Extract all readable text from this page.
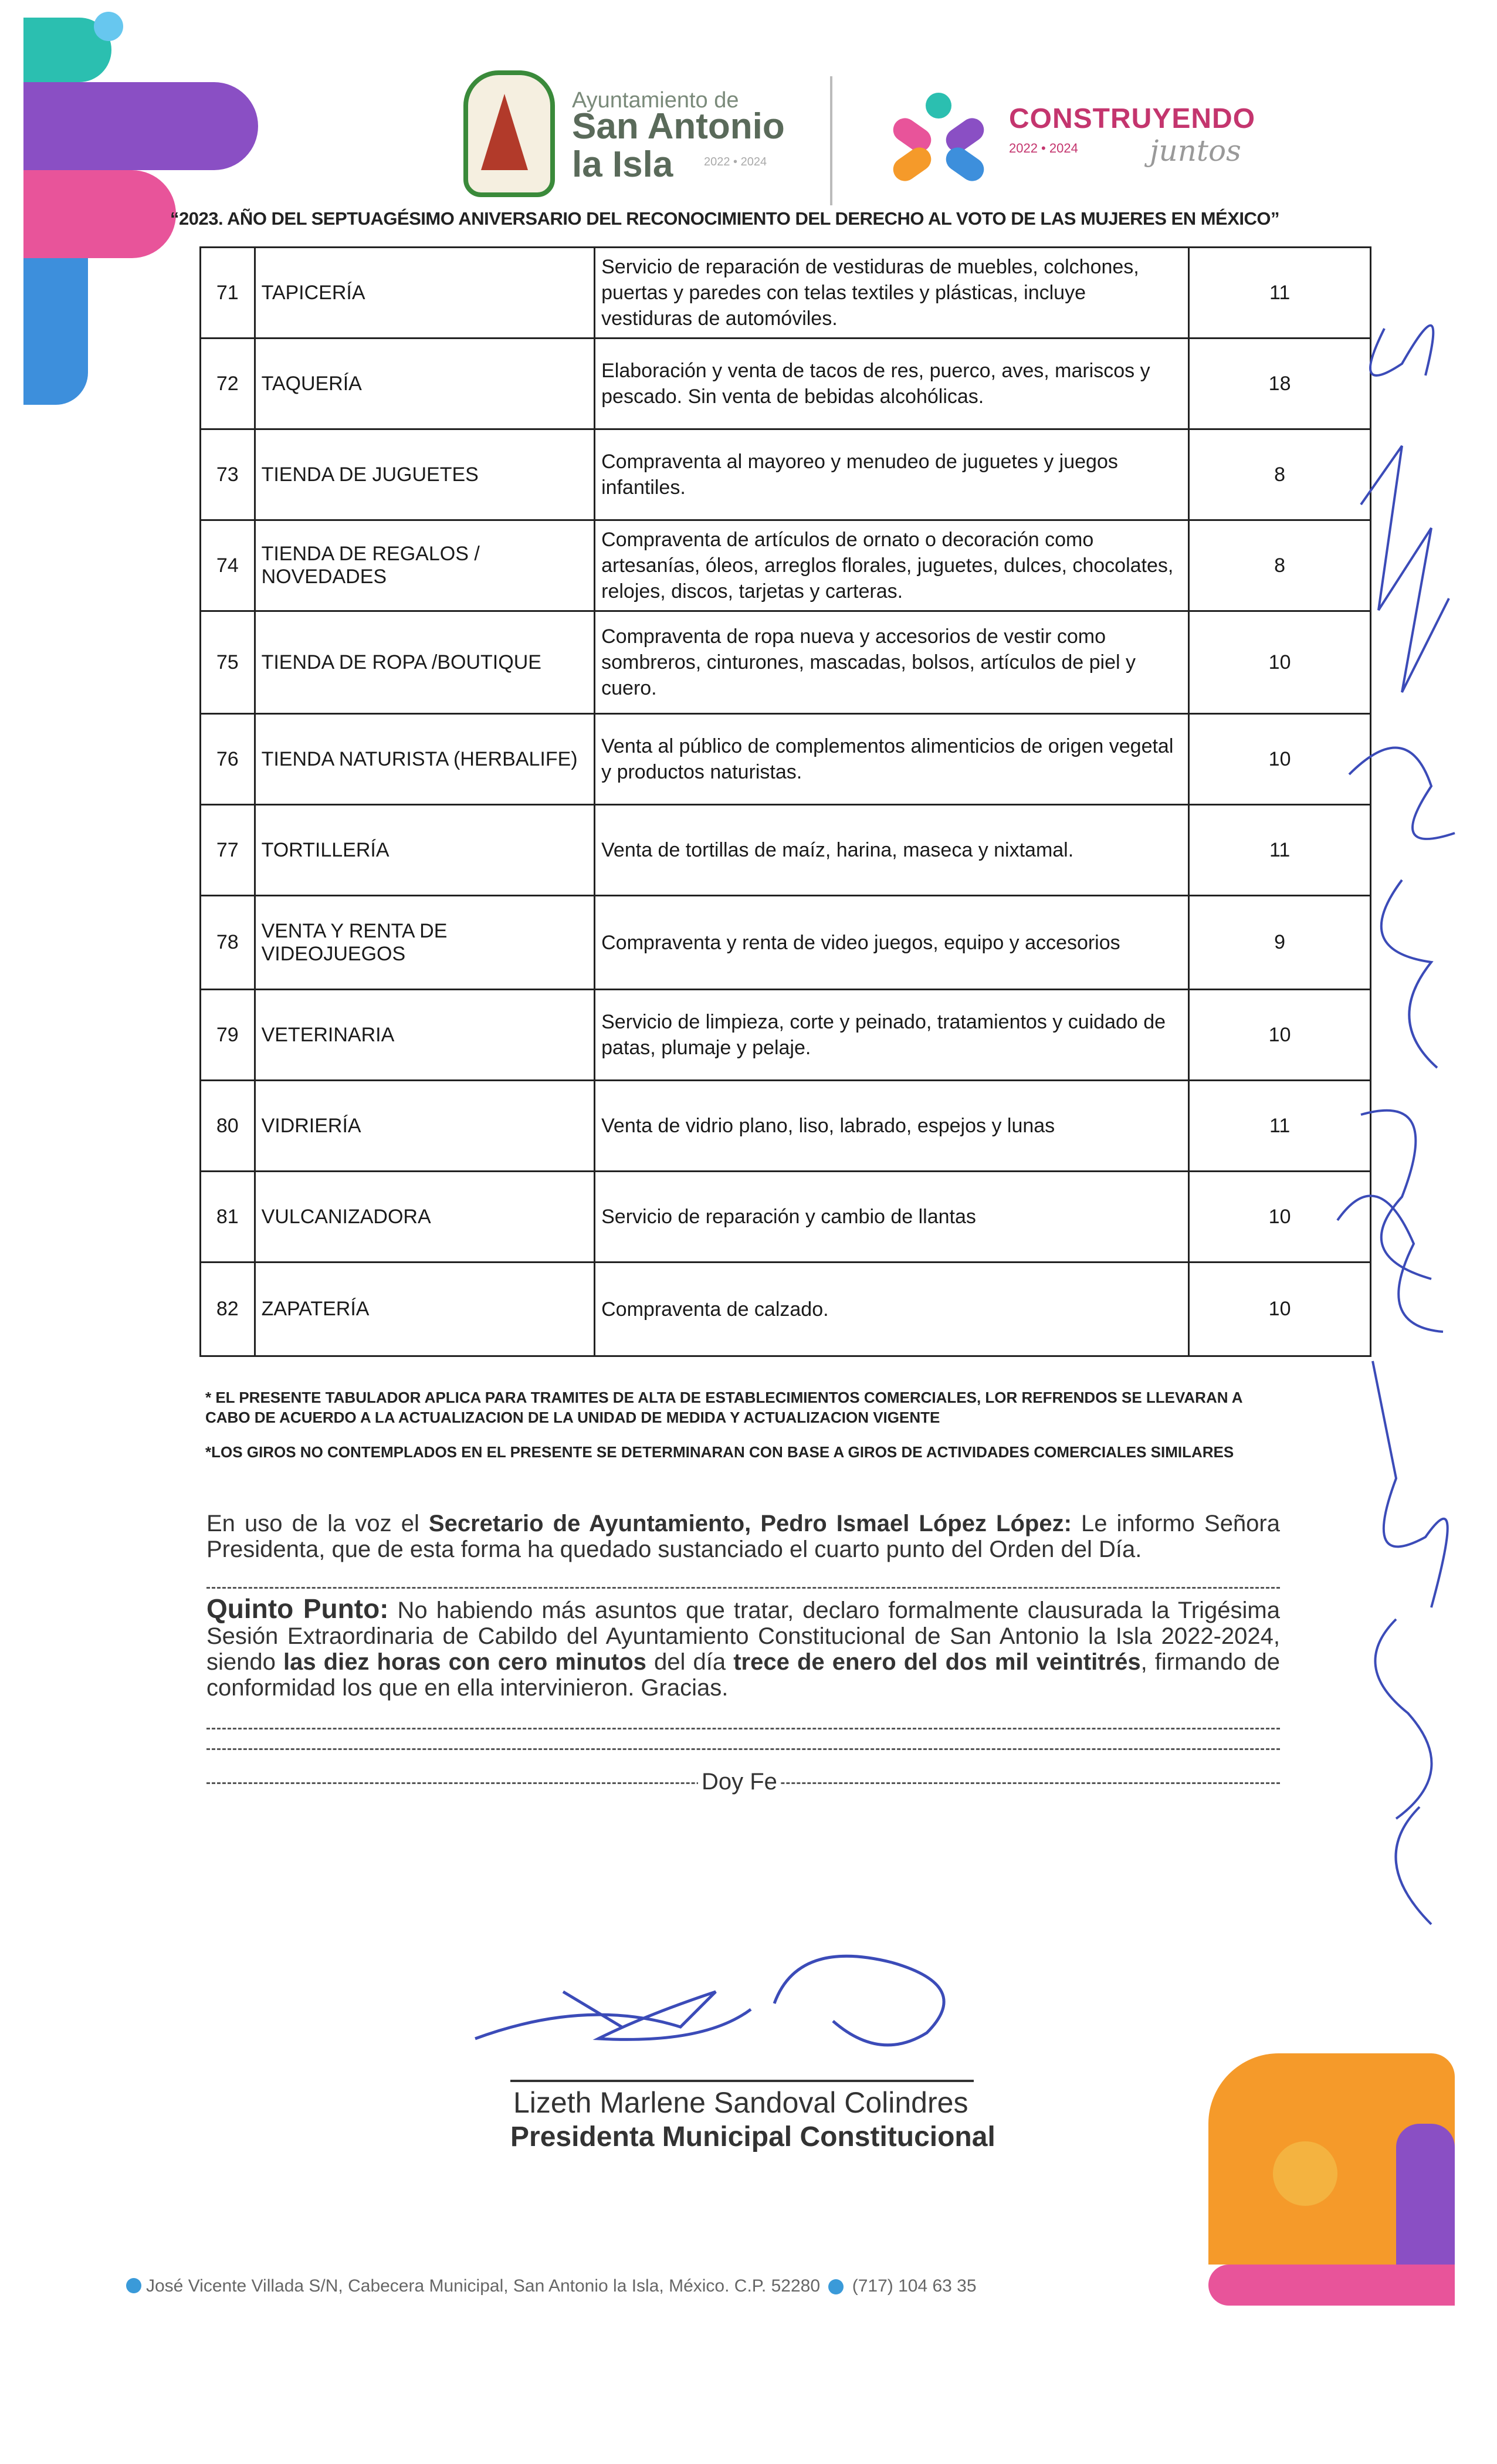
Ayuntamiento de
San Antonio
la Isla	2022 • 2024
CONSTRUYENDO
2022 • 2024 juntos
“2023. AÑO DEL SEPTUAGÉSIMO ANIVERSARIO DEL RECONOCIMIENTO DEL DERECHO AL VOTO DE LAS MUJERES EN MÉXICO”
71	TAPICERÍA	Servicio de reparación de vestiduras de muebles, colchones, puertas y paredes con telas textiles y plásticas, incluye vestiduras de automóviles.	11
72	TAQUERÍA	Elaboración y venta de tacos de res, puerco, aves, mariscos y pescado. Sin venta de bebidas alcohólicas.	18
73	TIENDA DE JUGUETES	Compraventa al mayoreo y menudeo de juguetes y juegos infantiles.	8
74	TIENDA DE REGALOS / NOVEDADES	Compraventa de artículos de ornato o decoración como artesanías, óleos, arreglos florales, juguetes, dulces, chocolates, relojes, discos, tarjetas y carteras.	8
75	TIENDA DE ROPA /BOUTIQUE	Compraventa de ropa nueva y accesorios de vestir como sombreros, cinturones, mascadas, bolsos, artículos de piel y cuero.	10
76	TIENDA NATURISTA (HERBALIFE)	Venta al público de complementos alimenticios de origen vegetal y productos naturistas.	10
77	TORTILLERÍA	Venta de tortillas de maíz, harina, maseca y nixtamal.	11
78	VENTA Y RENTA DE VIDEOJUEGOS	Compraventa y renta de video juegos, equipo y accesorios	9
79	VETERINARIA	Servicio de limpieza, corte y peinado, tratamientos y cuidado de patas, plumaje y pelaje.	10
80	VIDRIERÍA	Venta de vidrio plano, liso, labrado, espejos y lunas	11
81	VULCANIZADORA	Servicio de reparación y cambio de llantas	10
82	ZAPATERÍA	Compraventa de calzado.	10
* EL PRESENTE TABULADOR APLICA PARA TRAMITES DE ALTA DE ESTABLECIMIENTOS COMERCIALES, LOR REFRENDOS SE LLEVARAN A CABO DE ACUERDO A LA ACTUALIZACION DE LA UNIDAD DE MEDIDA Y ACTUALIZACION VIGENTE
*LOS GIROS NO CONTEMPLADOS EN EL PRESENTE SE DETERMINARAN CON BASE A GIROS DE ACTIVIDADES COMERCIALES SIMILARES
En uso de la voz el Secretario de Ayuntamiento, Pedro Ismael López López: Le informo Señora Presidenta, que de esta forma ha quedado sustanciado el cuarto punto del Orden del Día.
Quinto Punto: No habiendo más asuntos que tratar, declaro formalmente clausurada la Trigésima Sesión Extraordinaria de Cabildo del Ayuntamiento Constitucional de San Antonio la Isla 2022-2024, siendo las diez horas con cero minutos del día trece de enero del dos mil veintitrés, firmando de conformidad los que en ella intervinieron. Gracias.
Doy Fe
Lizeth Marlene Sandoval Colindres
Presidenta Municipal Constitucional
José Vicente Villada S/N, Cabecera Municipal, San Antonio la Isla, México. C.P. 52280 (717) 104 63 35
